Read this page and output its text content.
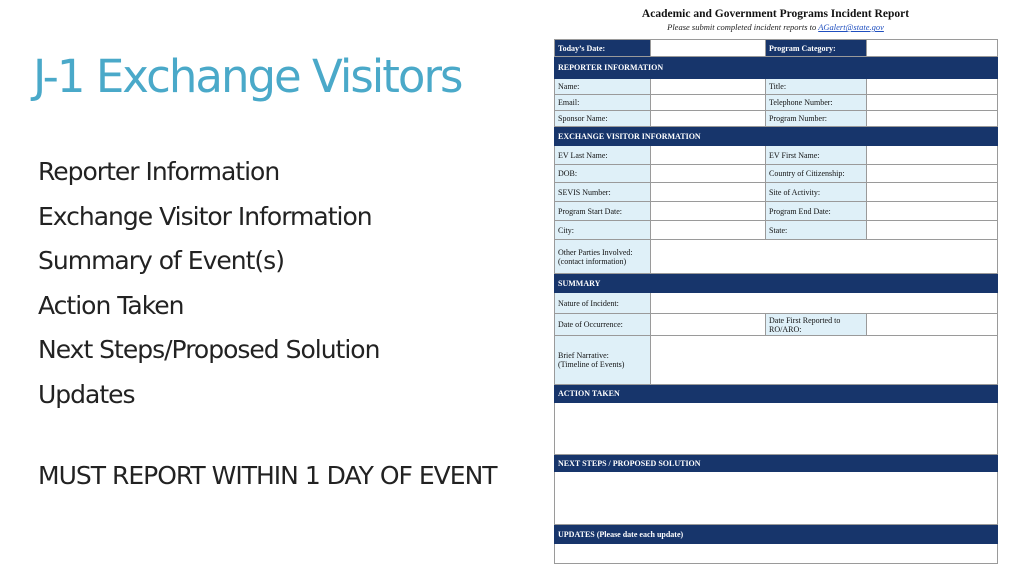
J-1 Exchange Visitors
Reporter Information
Exchange Visitor Information
Summary of Event(s)
Action Taken
Next Steps/Proposed Solution
Updates
MUST REPORT WITHIN 1 DAY OF EVENT
Academic and Government Programs Incident Report
Please submit completed incident reports to AGalert@state.gov
Today’s Date:		Program Category:	
REPORTER INFORMATION			
Name:		Title:	
Email:		Telephone Number:	
Sponsor Name:		Program Number:	
EXCHANGE VISITOR INFORMATION			
EV Last Name:		EV First Name:	
DOB:		Country of Citizenship:	
SEVIS Number:		Site of Activity:	
Program Start Date:		Program End Date:	
City:		State:	
Other Parties Involved:
(contact information)			
SUMMARY			
Nature of Incident:			
Date of Occurrence:		Date First Reported to
RO/ARO:	
Brief Narrative:
(Timeline of Events)			
ACTION TAKEN			

NEXT STEPS / PROPOSED SOLUTION			

UPDATES (Please date each update)			
